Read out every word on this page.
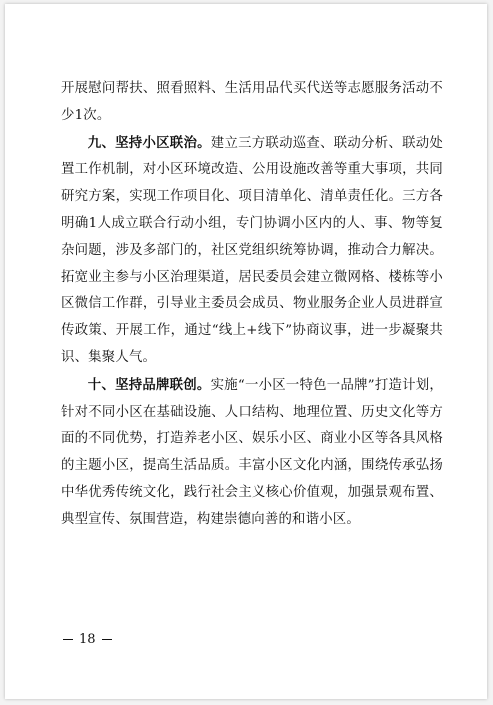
开展慰问帮扶、照看照料、生活用品代买代送等志愿服务活动不少1次。

九、坚持小区联治。建立三方联动巡查、联动分析、联动处置工作机制，对小区环境改造、公用设施改善等重大事项，共同研究方案，实现工作项目化、项目清单化、清单责任化。三方各明确1人成立联合行动小组，专门协调小区内的人、事、物等复杂问题，涉及多部门的，社区党组织统筹协调，推动合力解决。拓宽业主参与小区治理渠道，居民委员会建立微网格、楼栋等小区微信工作群，引导业主委员会成员、物业服务企业人员进群宣传政策、开展工作，通过“线上+线下”协商议事，进一步凝聚共识、集聚人气。

十、坚持品牌联创。实施“一小区一特色一品牌”打造计划，针对不同小区在基础设施、人口结构、地理位置、历史文化等方面的不同优势，打造养老小区、娱乐小区、商业小区等各具风格的主题小区，提高生活品质。丰富小区文化内涵，围绕传承弘扬中华优秀传统文化，践行社会主义核心价值观，加强景观布置、典型宣传、氛围营造，构建崇德向善的和谐小区。

18
